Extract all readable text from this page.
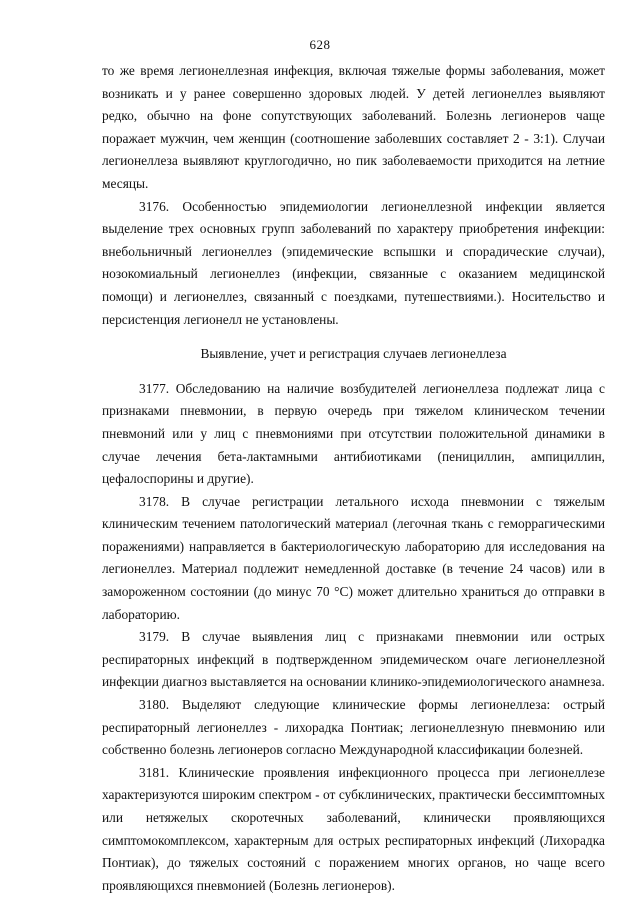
628

то же время легионеллезная инфекция, включая тяжелые формы заболевания, может возникать и у ранее совершенно здоровых людей. У детей легионеллез выявляют редко, обычно на фоне сопутствующих заболеваний. Болезнь легионеров чаще поражает мужчин, чем женщин (соотношение заболевших составляет 2 - 3:1). Случаи легионеллеза выявляют круглогодично, но пик заболеваемости приходится на летние месяцы.

3176. Особенностью эпидемиологии легионеллезной инфекции является выделение трех основных групп заболеваний по характеру приобретения инфекции: внебольничный легионеллез (эпидемические вспышки и спорадические случаи), нозокомиальный легионеллез (инфекции, связанные с оказанием медицинской помощи) и легионеллез, связанный с поездками, путешествиями.). Носительство и персистенция легионелл не установлены.

Выявление, учет и регистрация случаев легионеллеза

3177. Обследованию на наличие возбудителей легионеллеза подлежат лица с признаками пневмонии, в первую очередь при тяжелом клиническом течении пневмоний или у лиц с пневмониями при отсутствии положительной динамики в случае лечения бета-лактамными антибиотиками (пенициллин, ампициллин, цефалоспорины и другие).

3178. В случае регистрации летального исхода пневмонии с тяжелым клиническим течением патологический материал (легочная ткань с геморрагическими поражениями) направляется в бактериологическую лабораторию для исследования на легионеллез. Материал подлежит немедленной доставке (в течение 24 часов) или в замороженном состоянии (до минус 70 °С) может длительно храниться до отправки в лабораторию.

3179. В случае выявления лиц с признаками пневмонии или острых респираторных инфекций в подтвержденном эпидемическом очаге легионеллезной инфекции диагноз выставляется на основании клинико-эпидемиологического анамнеза.

3180. Выделяют следующие клинические формы легионеллеза: острый респираторный легионеллез - лихорадка Понтиак; легионеллезную пневмонию или собственно болезнь легионеров согласно Международной классификации болезней.

3181. Клинические проявления инфекционного процесса при легионеллезе характеризуются широким спектром - от субклинических, практически бессимптомных или нетяжелых скоротечных заболеваний, клинически проявляющихся симптомокомплексом, характерным для острых респираторных инфекций (Лихорадка Понтиак), до тяжелых состояний с поражением многих органов, но чаще всего проявляющихся пневмонией (Болезнь легионеров).
